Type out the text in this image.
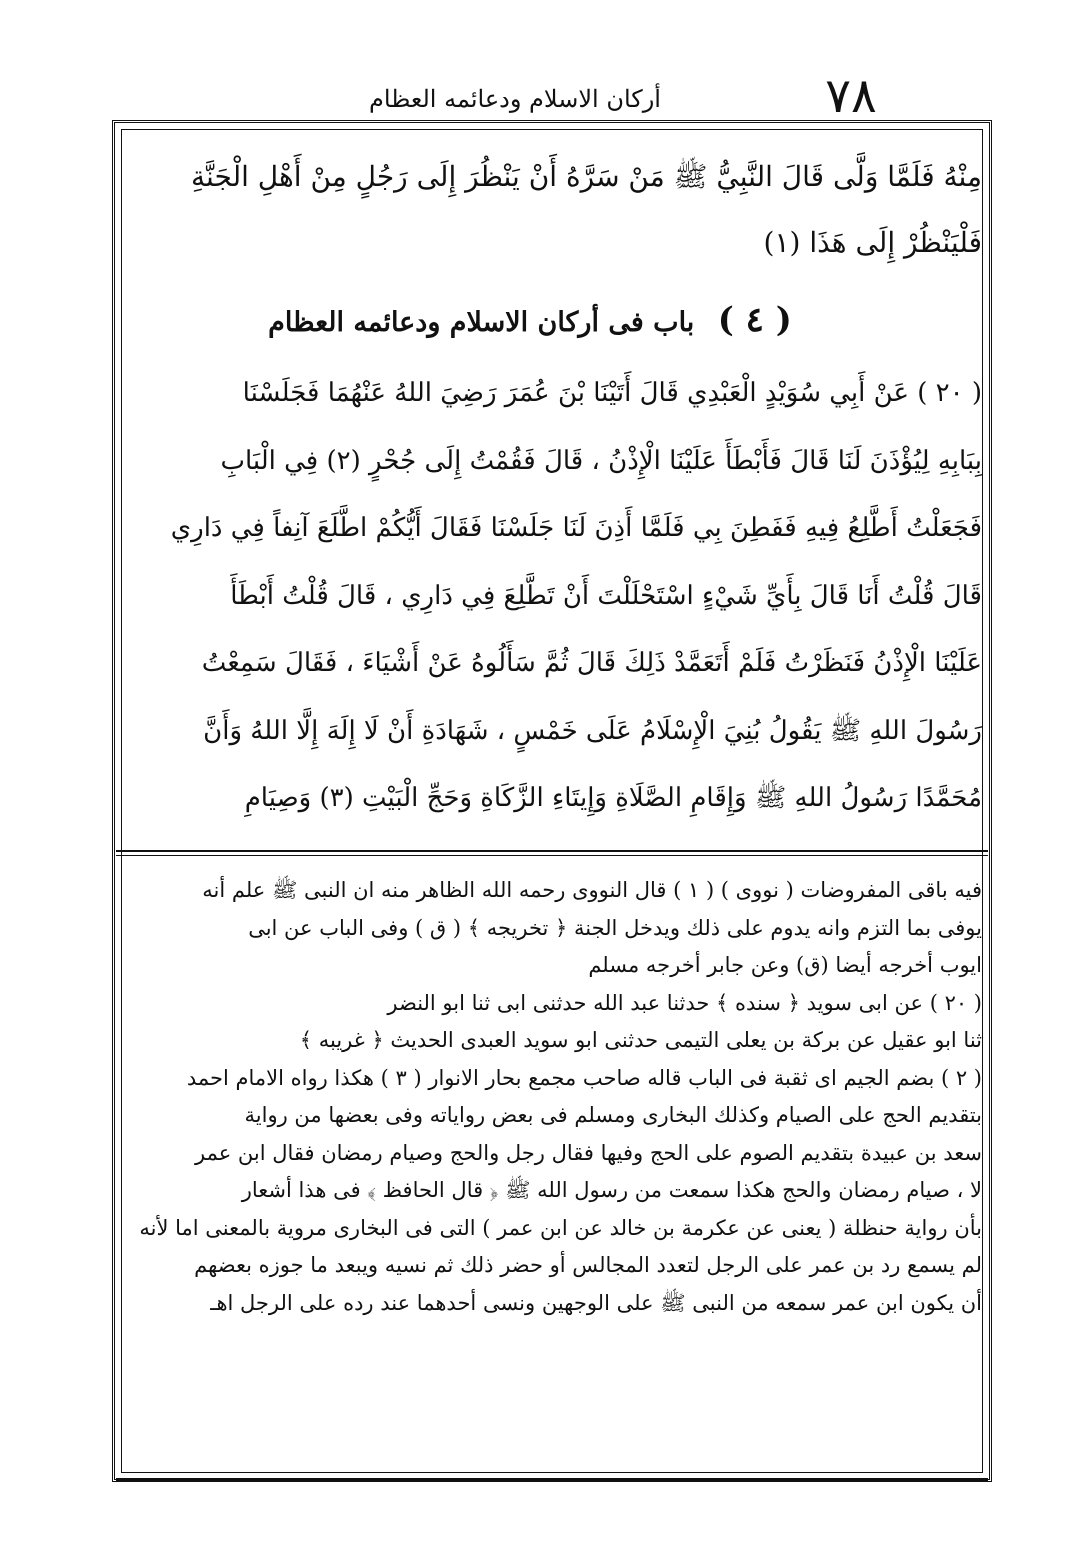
٧٨
أركان الاسلام ودعائمه العظام
مِنْهُ فَلَمَّا وَلَّى قَالَ النَّبِيُّ ﷺ مَنْ سَرَّهُ أَنْ يَنْظُرَ إِلَى رَجُلٍ مِنْ أَهْلِ الْجَنَّةِ
فَلْيَنْظُرْ إِلَى هَذَا (١)
( ٤ ) باب فى أركان الاسلام ودعائمه العظام
( ٢٠ ) عَنْ أَبِي سُوَيْدٍ الْعَبْدِي قَالَ أَتَيْنَا بْنَ عُمَرَ رَضِيَ اللهُ عَنْهُمَا فَجَلَسْنَا
بِبَابِهِ لِيُؤْذَنَ لَنَا قَالَ فَأَبْطَأَ عَلَيْنَا الْإِذْنُ ، قَالَ فَقُمْتُ إِلَى جُحْرٍ (٢) فِي الْبَابِ
فَجَعَلْتُ أَطَّلِعُ فِيهِ فَفَطِنَ بِي فَلَمَّا أَذِنَ لَنَا جَلَسْنَا فَقَالَ أَيُّكُمْ اطَّلَعَ آنِفاً فِي دَارِي
قَالَ قُلْتُ أَنَا قَالَ بِأَيِّ شَيْءٍ اسْتَحْلَلْتَ أَنْ تَطَّلِعَ فِي دَارِي ، قَالَ قُلْتُ أَبْطَأَ
عَلَيْنَا الْإِذْنُ فَنَظَرْتُ فَلَمْ أَتَعَمَّدْ ذَلِكَ قَالَ ثُمَّ سَأَلُوهُ عَنْ أَشْيَاءَ ، فَقَالَ سَمِعْتُ
رَسُولَ اللهِ ﷺ يَقُولُ بُنِيَ الْإِسْلَامُ عَلَى خَمْسٍ ، شَهَادَةِ أَنْ لَا إِلَهَ إِلَّا اللهُ وَأَنَّ
مُحَمَّدًا رَسُولُ اللهِ ﷺ وَإِقَامِ الصَّلَاةِ وَإِيتَاءِ الزَّكَاةِ وَحَجِّ الْبَيْتِ (٣) وَصِيَامِ
فيه باقى المفروضات ( نووى ) ( ١ ) قال النووى رحمه الله الظاهر منه ان النبى ﷺ علم أنه
يوفى بما التزم وانه يدوم على ذلك ويدخل الجنة ﴿ تخريجه ﴾ ( ق ) وفى الباب عن ابى
ايوب أخرجه أيضا (ق) وعن جابر أخرجه مسلم
( ٢٠ ) عن ابى سويد ﴿ سنده ﴾ حدثنا عبد الله حدثنى ابى ثنا ابو النضر
ثنا ابو عقيل عن بركة بن يعلى التيمى حدثنى ابو سويد العبدى الحديث ﴿ غريبه ﴾
( ٢ ) بضم الجيم اى ثقبة فى الباب قاله صاحب مجمع بحار الانوار ( ٣ ) هكذا رواه الامام احمد
بتقديم الحج على الصيام وكذلك البخارى ومسلم فى بعض رواياته وفى بعضها من رواية
سعد بن عبيدة بتقديم الصوم على الحج وفيها فقال رجل والحج وصيام رمضان فقال ابن عمر
لا ، صيام رمضان والحج هكذا سمعت من رسول الله ﷺ ﴿ قال الحافظ ﴾ فى هذا أشعار
بأن رواية حنظلة ( يعنى عن عكرمة بن خالد عن ابن عمر ) التى فى البخارى مروية بالمعنى اما لأنه
لم يسمع رد بن عمر على الرجل لتعدد المجالس أو حضر ذلك ثم نسيه ويبعد ما جوزه بعضهم
أن يكون ابن عمر سمعه من النبى ﷺ على الوجهين ونسى أحدهما عند رده على الرجل اهـ
